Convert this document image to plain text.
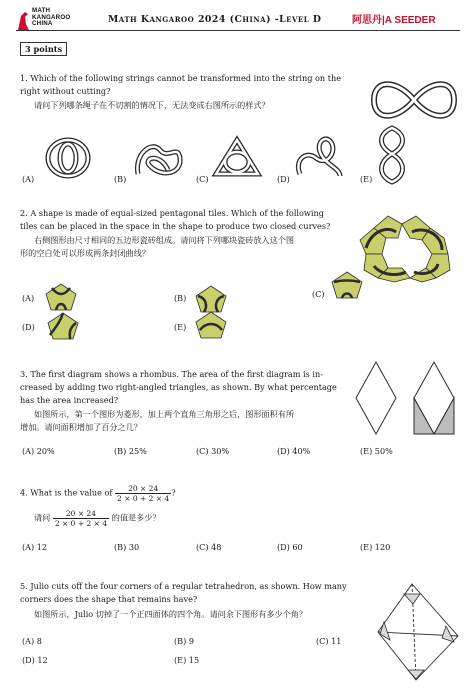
MATH
KANGAROO
CHINA	Math Kangaroo 2024 (China) -Level D	阿思丹|A SEEDER
3 points
1. Which of the following strings cannot be transformed into the string on the
right without cutting?
请问下列哪条绳子在不切割的情况下，无法变成右图所示的样式？
(A)	(B)	(C)	(D)	(E)
2. A shape is made of equal-sized pentagonal tiles. Which of the following
tiles can be placed in the space in the shape to produce two closed curves?
右侧图形由尺寸相同的五边形瓷砖组成。请问将下列哪块瓷砖放入这个图
形的空白处可以形成两条封闭曲线？
(A)	(B)	(C)
(D)	(E)
3. The first diagram shows a rhombus. The area of the first diagram is in-
creased by adding two right-angled triangles, as shown. By what percentage
has the area increased?
如图所示，第一个图形为菱形，加上两个直角三角形之后，图形面积有所
增加。请问面积增加了百分之几？
(A) 20%	(B) 25%	(C) 30%	(D) 40%	(E) 50%
4. What is the value of $\frac{20 \times 24}{2 \times 0 + 2 \times 4}$ ?
请问 $\frac{20 \times 24}{2 \times 0 + 2 \times 4}$ 的值是多少？
(A) 12	(B) 30	(C) 48	(D) 60	(E) 120
5. Julio cuts off the four corners of a regular tetrahedron, as shown. How many
corners does the shape that remains have?
如图所示，Julio 切掉了一个正四面体的四个角。请问余下图形有多少个角？
(A) 8	(B) 9	(C) 11
(D) 12	(E) 15
